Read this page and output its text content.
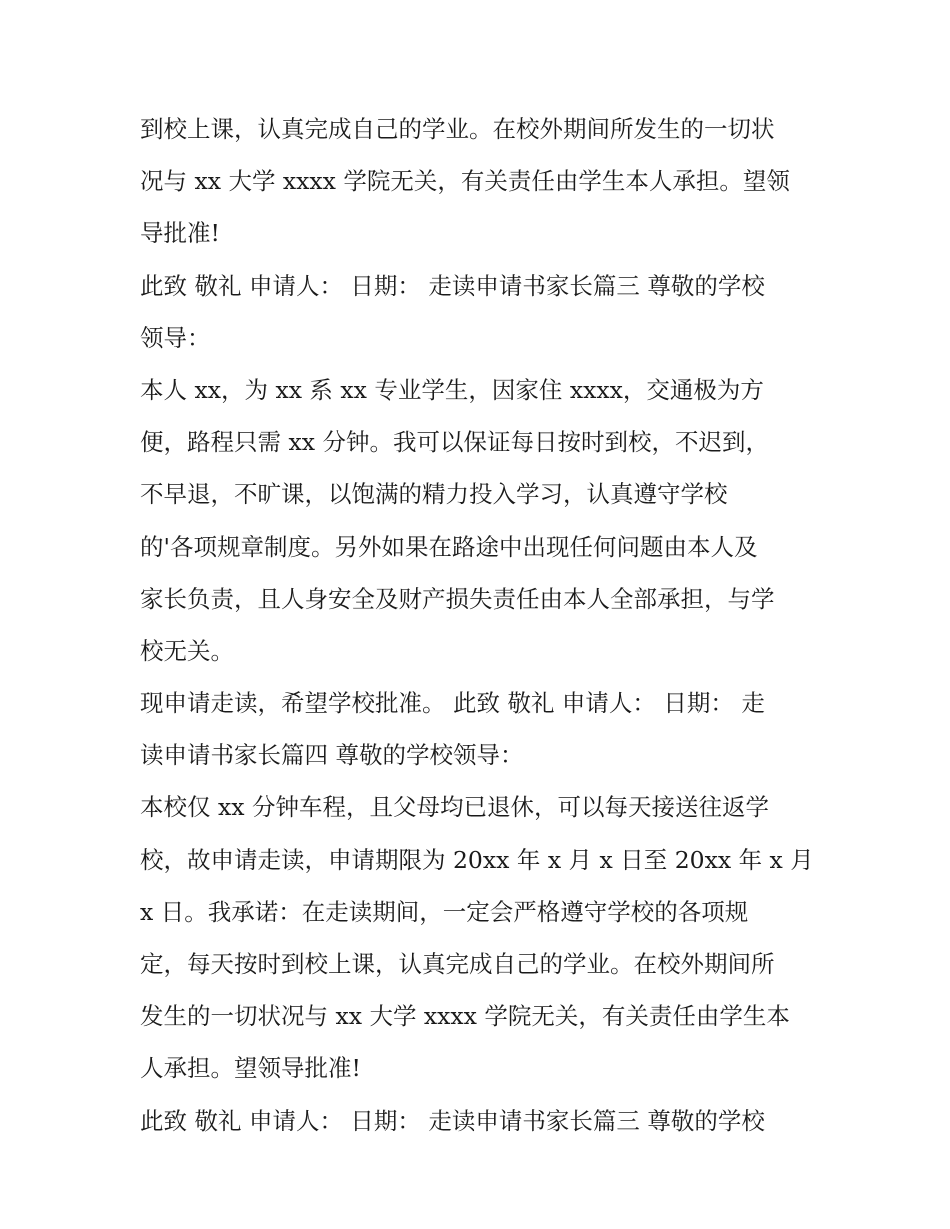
到校上课，认真完成自己的学业。在校外期间所发生的一切状
况与 xx 大学 xxxx 学院无关，有关责任由学生本人承担。望领
导批准!
此致 敬礼 申请人： 日期： 走读申请书家长篇三 尊敬的学校
领导：
本人 xx，为 xx 系 xx 专业学生，因家住 xxxx，交通极为方
便，路程只需 xx 分钟。我可以保证每日按时到校，不迟到，
不早退，不旷课，以饱满的精力投入学习，认真遵守学校
的'各项规章制度。另外如果在路途中出现任何问题由本人及
家长负责，且人身安全及财产损失责任由本人全部承担，与学
校无关。
现申请走读，希望学校批准。 此致 敬礼 申请人： 日期： 走
读申请书家长篇四 尊敬的学校领导：
本校仅 xx 分钟车程，且父母均已退休，可以每天接送往返学
校，故申请走读，申请期限为 20xx 年 x 月 x 日至 20xx 年 x 月
x 日。我承诺：在走读期间，一定会严格遵守学校的各项规
定，每天按时到校上课，认真完成自己的学业。在校外期间所
发生的一切状况与 xx 大学 xxxx 学院无关，有关责任由学生本
人承担。望领导批准!
此致 敬礼 申请人： 日期： 走读申请书家长篇三 尊敬的学校
